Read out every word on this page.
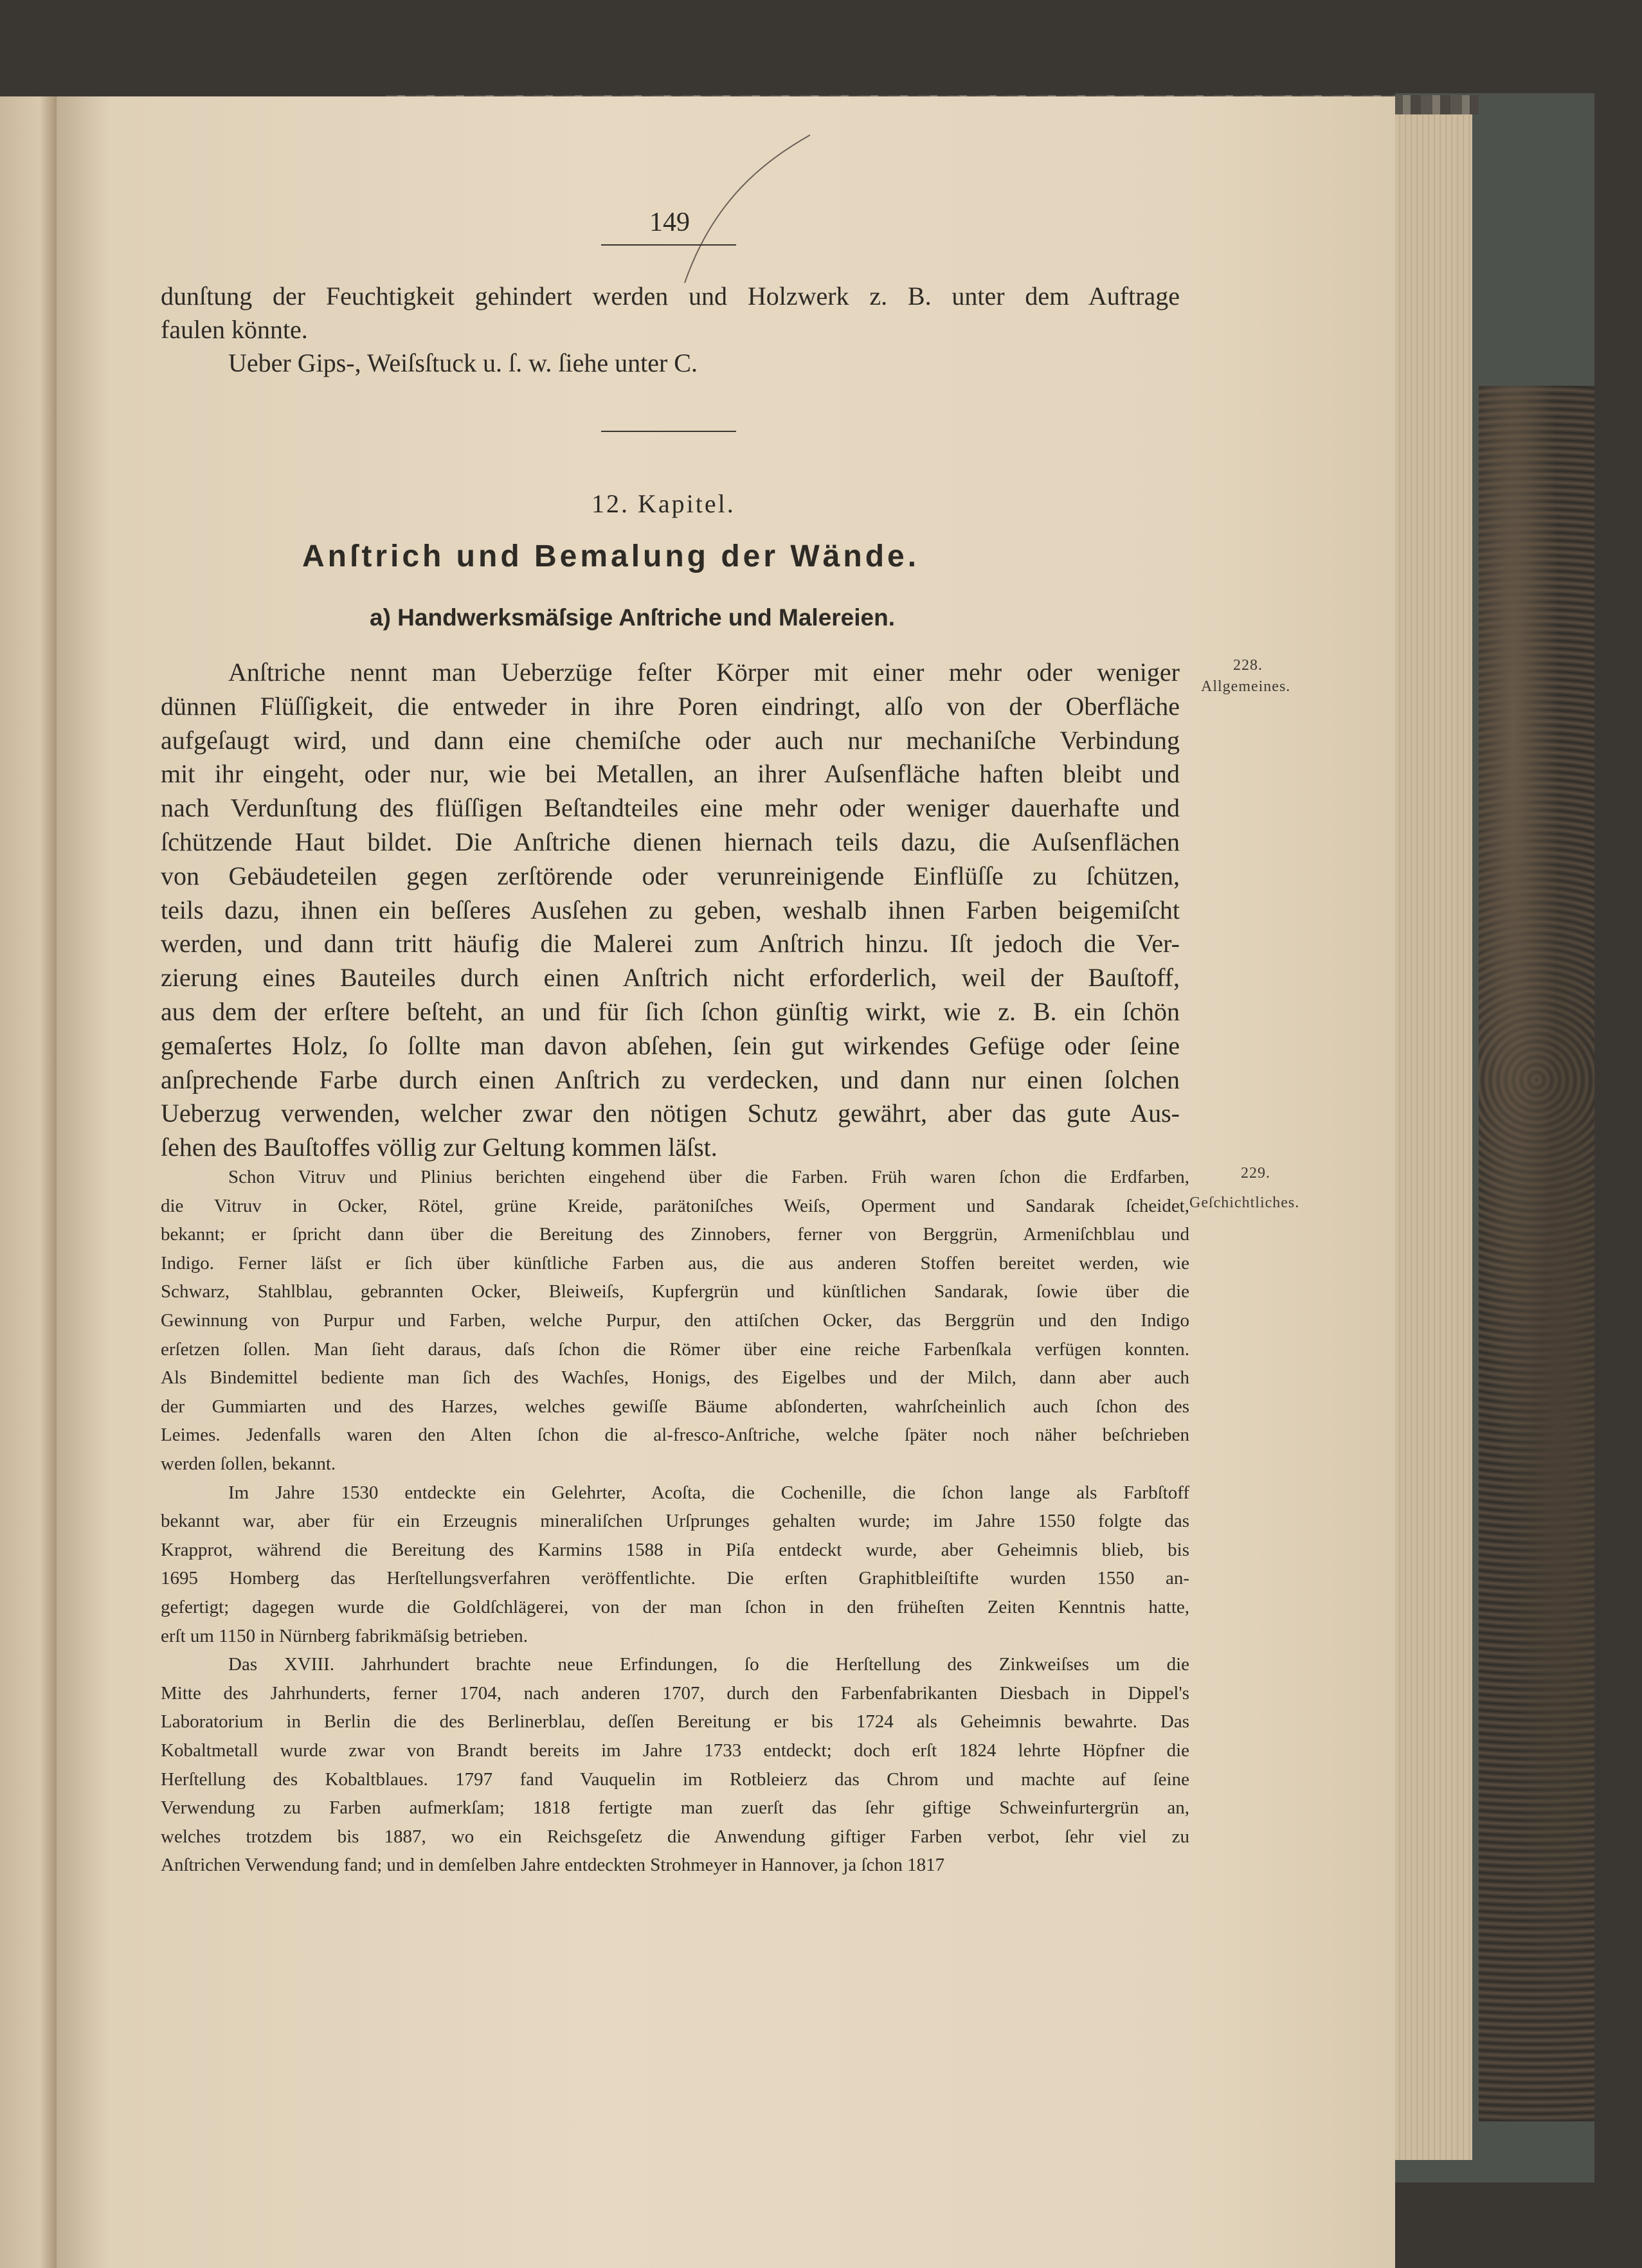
149
dunſtung der Feuchtigkeit gehindert werden und Holzwerk z. B. unter dem Auftrage
faulen könnte.
Ueber Gips-, Weiſsſtuck u. ſ. w. ſiehe unter C.
12. Kapitel.
Anſtrich und Bemalung der Wände.
a) Handwerksmäſsige Anſtriche und Malereien.
228.
Allgemeines.
229.
Geſchichtliches.
Anſtriche nennt man Ueberzüge feſter Körper mit einer mehr oder weniger
dünnen Flüſſigkeit, die entweder in ihre Poren eindringt, alſo von der Oberfläche
aufgeſaugt wird, und dann eine chemiſche oder auch nur mechaniſche Verbindung
mit ihr eingeht, oder nur, wie bei Metallen, an ihrer Auſsenfläche haften bleibt und
nach Verdunſtung des flüſſigen Beſtandteiles eine mehr oder weniger dauerhafte und
ſchützende Haut bildet. Die Anſtriche dienen hiernach teils dazu, die Auſsenflächen
von Gebäudeteilen gegen zerſtörende oder verunreinigende Einflüſſe zu ſchützen,
teils dazu, ihnen ein beſſeres Ausſehen zu geben, weshalb ihnen Farben beigemiſcht
werden, und dann tritt häufig die Malerei zum Anſtrich hinzu. Iſt jedoch die Ver-
zierung eines Bauteiles durch einen Anſtrich nicht erforderlich, weil der Bauſtoff,
aus dem der erſtere beſteht, an und für ſich ſchon günſtig wirkt, wie z. B. ein ſchön
gemaſertes Holz, ſo ſollte man davon abſehen, ſein gut wirkendes Gefüge oder ſeine
anſprechende Farbe durch einen Anſtrich zu verdecken, und dann nur einen ſolchen
Ueberzug verwenden, welcher zwar den nötigen Schutz gewährt, aber das gute Aus-
ſehen des Bauſtoffes völlig zur Geltung kommen läſst.
Schon Vitruv und Plinius berichten eingehend über die Farben. Früh waren ſchon die Erdfarben,
die Vitruv in Ocker, Rötel, grüne Kreide, parätoniſches Weiſs, Operment und Sandarak ſcheidet,
bekannt; er ſpricht dann über die Bereitung des Zinnobers, ferner von Berggrün, Armeniſchblau und
Indigo. Ferner läſst er ſich über künſtliche Farben aus, die aus anderen Stoffen bereitet werden, wie
Schwarz, Stahlblau, gebrannten Ocker, Bleiweiſs, Kupfergrün und künſtlichen Sandarak, ſowie über die
Gewinnung von Purpur und Farben, welche Purpur, den attiſchen Ocker, das Berggrün und den Indigo
erſetzen ſollen. Man ſieht daraus, daſs ſchon die Römer über eine reiche Farbenſkala verfügen konnten.
Als Bindemittel bediente man ſich des Wachſes, Honigs, des Eigelbes und der Milch, dann aber auch
der Gummiarten und des Harzes, welches gewiſſe Bäume abſonderten, wahrſcheinlich auch ſchon des
Leimes. Jedenfalls waren den Alten ſchon die al-fresco-Anſtriche, welche ſpäter noch näher beſchrieben
werden ſollen, bekannt.
Im Jahre 1530 entdeckte ein Gelehrter, Acoſta, die Cochenille, die ſchon lange als Farbſtoff
bekannt war, aber für ein Erzeugnis mineraliſchen Urſprunges gehalten wurde; im Jahre 1550 folgte das
Krapprot, während die Bereitung des Karmins 1588 in Piſa entdeckt wurde, aber Geheimnis blieb, bis
1695 Homberg das Herſtellungsverfahren veröffentlichte. Die erſten Graphitbleiſtifte wurden 1550 an-
gefertigt; dagegen wurde die Goldſchlägerei, von der man ſchon in den früheſten Zeiten Kenntnis hatte,
erſt um 1150 in Nürnberg fabrikmäſsig betrieben.
Das XVIII. Jahrhundert brachte neue Erfindungen, ſo die Herſtellung des Zinkweiſses um die
Mitte des Jahrhunderts, ferner 1704, nach anderen 1707, durch den Farbenfabrikanten Diesbach in Dippel's
Laboratorium in Berlin die des Berlinerblau, deſſen Bereitung er bis 1724 als Geheimnis bewahrte. Das
Kobaltmetall wurde zwar von Brandt bereits im Jahre 1733 entdeckt; doch erſt 1824 lehrte Höpfner die
Herſtellung des Kobaltblaues. 1797 fand Vauquelin im Rotbleierz das Chrom und machte auf ſeine
Verwendung zu Farben aufmerkſam; 1818 fertigte man zuerſt das ſehr giftige Schweinfurtergrün an,
welches trotzdem bis 1887, wo ein Reichsgeſetz die Anwendung giftiger Farben verbot, ſehr viel zu
Anſtrichen Verwendung fand; und in demſelben Jahre entdeckten Strohmeyer in Hannover, ja ſchon 1817
